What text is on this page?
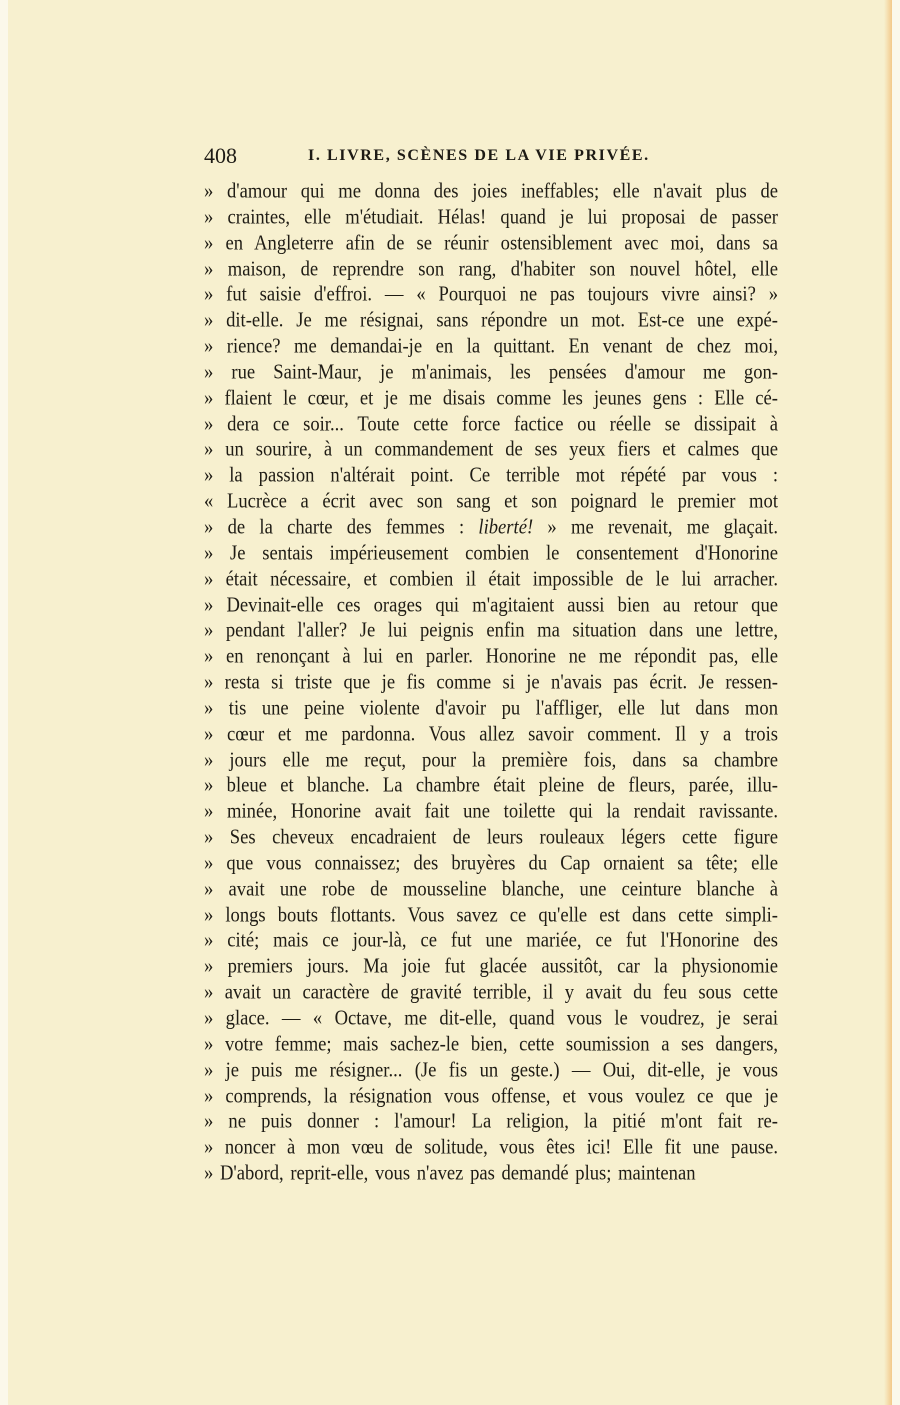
408	I. LIVRE, SCÈNES DE LA VIE PRIVÉE.
» d'amour qui me donna des joies ineffables; elle n'avait plus de
» craintes, elle m'étudiait. Hélas! quand je lui proposai de passer
» en Angleterre afin de se réunir ostensiblement avec moi, dans sa
» maison, de reprendre son rang, d'habiter son nouvel hôtel, elle
» fut saisie d'effroi. — « Pourquoi ne pas toujours vivre ainsi? »
» dit-elle. Je me résignai, sans répondre un mot. Est-ce une expé-
» rience? me demandai-je en la quittant. En venant de chez moi,
» rue Saint-Maur, je m'animais, les pensées d'amour me gon-
» flaient le cœur, et je me disais comme les jeunes gens : Elle cé-
» dera ce soir... Toute cette force factice ou réelle se dissipait à
» un sourire, à un commandement de ses yeux fiers et calmes que
» la passion n'altérait point. Ce terrible mot répété par vous :
« Lucrèce a écrit avec son sang et son poignard le premier mot
» de la charte des femmes : liberté! » me revenait, me glaçait.
» Je sentais impérieusement combien le consentement d'Honorine
» était nécessaire, et combien il était impossible de le lui arracher.
» Devinait-elle ces orages qui m'agitaient aussi bien au retour que
» pendant l'aller? Je lui peignis enfin ma situation dans une lettre,
» en renonçant à lui en parler. Honorine ne me répondit pas, elle
» resta si triste que je fis comme si je n'avais pas écrit. Je ressen-
» tis une peine violente d'avoir pu l'affliger, elle lut dans mon
» cœur et me pardonna. Vous allez savoir comment. Il y a trois
» jours elle me reçut, pour la première fois, dans sa chambre
» bleue et blanche. La chambre était pleine de fleurs, parée, illu-
» minée, Honorine avait fait une toilette qui la rendait ravissante.
» Ses cheveux encadraient de leurs rouleaux légers cette figure
» que vous connaissez; des bruyères du Cap ornaient sa tête; elle
» avait une robe de mousseline blanche, une ceinture blanche à
» longs bouts flottants. Vous savez ce qu'elle est dans cette simpli-
» cité; mais ce jour-là, ce fut une mariée, ce fut l'Honorine des
» premiers jours. Ma joie fut glacée aussitôt, car la physionomie
» avait un caractère de gravité terrible, il y avait du feu sous cette
» glace. — « Octave, me dit-elle, quand vous le voudrez, je serai
» votre femme; mais sachez-le bien, cette soumission a ses dangers,
» je puis me résigner... (Je fis un geste.) — Oui, dit-elle, je vous
» comprends, la résignation vous offense, et vous voulez ce que je
» ne puis donner : l'amour! La religion, la pitié m'ont fait re-
» noncer à mon vœu de solitude, vous êtes ici! Elle fit une pause.
» D'abord, reprit-elle, vous n'avez pas demandé plus; maintenan
